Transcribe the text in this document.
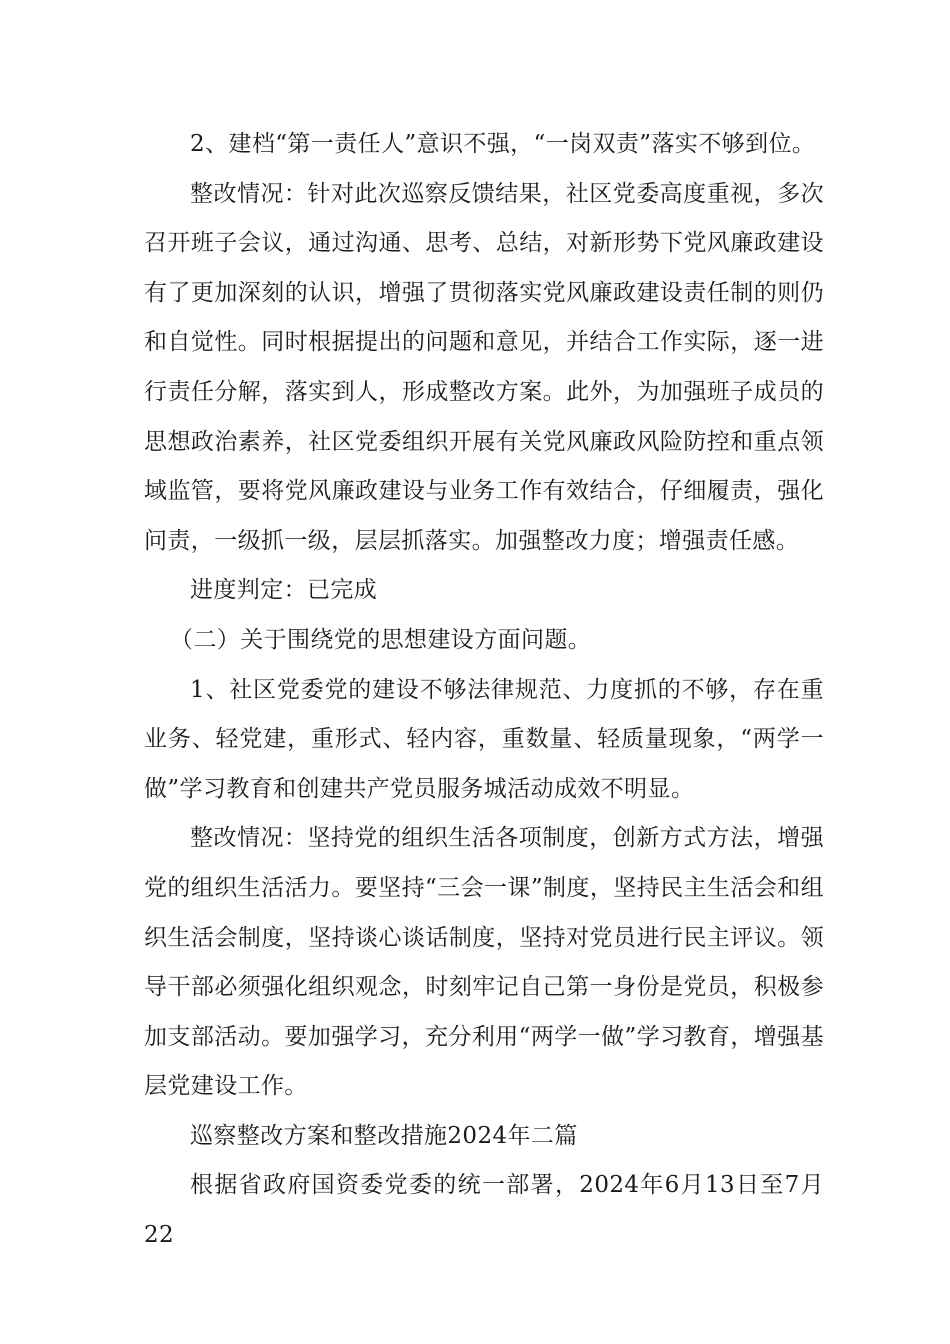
2、建档“第一责任人”意识不强，“一岗双责”落实不够到位。

整改情况：针对此次巡察反馈结果，社区党委高度重视，多次召开班子会议，通过沟通、思考、总结，对新形势下党风廉政建设有了更加深刻的认识，增强了贯彻落实党风廉政建设责任制的则仍和自觉性。同时根据提出的问题和意见，并结合工作实际，逐一进行责任分解，落实到人，形成整改方案。此外，为加强班子成员的思想政治素养，社区党委组织开展有关党风廉政风险防控和重点领域监管，要将党风廉政建设与业务工作有效结合，仔细履责，强化问责，一级抓一级，层层抓落实。加强整改力度；增强责任感。

进度判定：已完成

（二）关于围绕党的思想建设方面问题。

1、社区党委党的建设不够法律规范、力度抓的不够，存在重业务、轻党建，重形式、轻内容，重数量、轻质量现象，“两学一做”学习教育和创建共产党员服务城活动成效不明显。

整改情况：坚持党的组织生活各项制度，创新方式方法，增强党的组织生活活力。要坚持“三会一课”制度，坚持民主生活会和组织生活会制度，坚持谈心谈话制度，坚持对党员进行民主评议。领导干部必须强化组织观念，时刻牢记自己第一身份是党员，积极参加支部活动。要加强学习，充分利用“两学一做”学习教育，增强基层党建设工作。

巡察整改方案和整改措施2024年二篇

根据省政府国资委党委的统一部署，2024年6月13日至7月22
